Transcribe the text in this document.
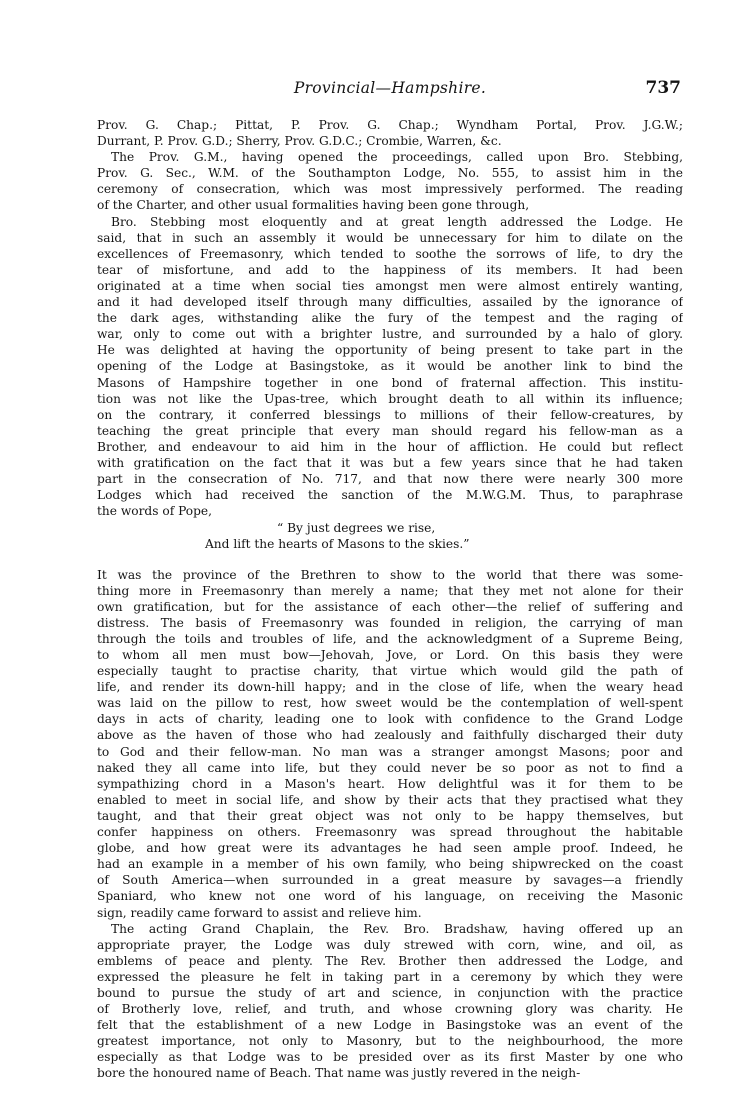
Provincial—Hampshire.	737

Prov. G. Chap.; Pittat, P. Prov. G. Chap.; Wyndham Portal, Prov. J.G.W.;
Durrant, P. Prov. G.D.; Sherry, Prov. G.D.C.; Crombie, Warren, &c.

The Prov. G.M., having opened the proceedings, called upon Bro. Stebbing,
Prov. G. Sec., W.M. of the Southampton Lodge, No. 555, to assist him in the
ceremony of consecration, which was most impressively performed. The reading
of the Charter, and other usual formalities having been gone through,

Bro. Stebbing most eloquently and at great length addressed the Lodge. He
said, that in such an assembly it would be unnecessary for him to dilate on the
excellences of Freemasonry, which tended to soothe the sorrows of life, to dry the
tear of misfortune, and add to the happiness of its members. It had been
originated at a time when social ties amongst men were almost entirely wanting,
and it had developed itself through many difficulties, assailed by the ignorance of
the dark ages, withstanding alike the fury of the tempest and the raging of
war, only to come out with a brighter lustre, and surrounded by a halo of glory.
He was delighted at having the opportunity of being present to take part in the
opening of the Lodge at Basingstoke, as it would be another link to bind the
Masons of Hampshire together in one bond of fraternal affection. This institu-
tion was not like the Upas-tree, which brought death to all within its influence;
on the contrary, it conferred blessings to millions of their fellow-creatures, by
teaching the great principle that every man should regard his fellow-man as a
Brother, and endeavour to aid him in the hour of affliction. He could but reflect
with gratification on the fact that it was but a few years since that he had taken
part in the consecration of No. 717, and that now there were nearly 300 more
Lodges which had received the sanction of the M.W.G.M. Thus, to paraphrase
the words of Pope,

“ By just degrees we rise,
And lift the hearts of Masons to the skies.”

It was the province of the Brethren to show to the world that there was some-
thing more in Freemasonry than merely a name; that they met not alone for their
own gratification, but for the assistance of each other—the relief of suffering and
distress. The basis of Freemasonry was founded in religion, the carrying of man
through the toils and troubles of life, and the acknowledgment of a Supreme Being,
to whom all men must bow—Jehovah, Jove, or Lord. On this basis they were
especially taught to practise charity, that virtue which would gild the path of
life, and render its down-hill happy; and in the close of life, when the weary head
was laid on the pillow to rest, how sweet would be the contemplation of well-spent
days in acts of charity, leading one to look with confidence to the Grand Lodge
above as the haven of those who had zealously and faithfully discharged their duty
to God and their fellow-man. No man was a stranger amongst Masons; poor and
naked they all came into life, but they could never be so poor as not to find a
sympathizing chord in a Mason's heart. How delightful was it for them to be
enabled to meet in social life, and show by their acts that they practised what they
taught, and that their great object was not only to be happy themselves, but
confer happiness on others. Freemasonry was spread throughout the habitable
globe, and how great were its advantages he had seen ample proof. Indeed, he
had an example in a member of his own family, who being shipwrecked on the coast
of South America—when surrounded in a great measure by savages—a friendly
Spaniard, who knew not one word of his language, on receiving the Masonic
sign, readily came forward to assist and relieve him.

The acting Grand Chaplain, the Rev. Bro. Bradshaw, having offered up an
appropriate prayer, the Lodge was duly strewed with corn, wine, and oil, as
emblems of peace and plenty. The Rev. Brother then addressed the Lodge, and
expressed the pleasure he felt in taking part in a ceremony by which they were
bound to pursue the study of art and science, in conjunction with the practice
of Brotherly love, relief, and truth, and whose crowning glory was charity. He
felt that the establishment of a new Lodge in Basingstoke was an event of the
greatest importance, not only to Masonry, but to the neighbourhood, the more
especially as that Lodge was to be presided over as its first Master by one who
bore the honoured name of Beach. That name was justly revered in the neigh-
